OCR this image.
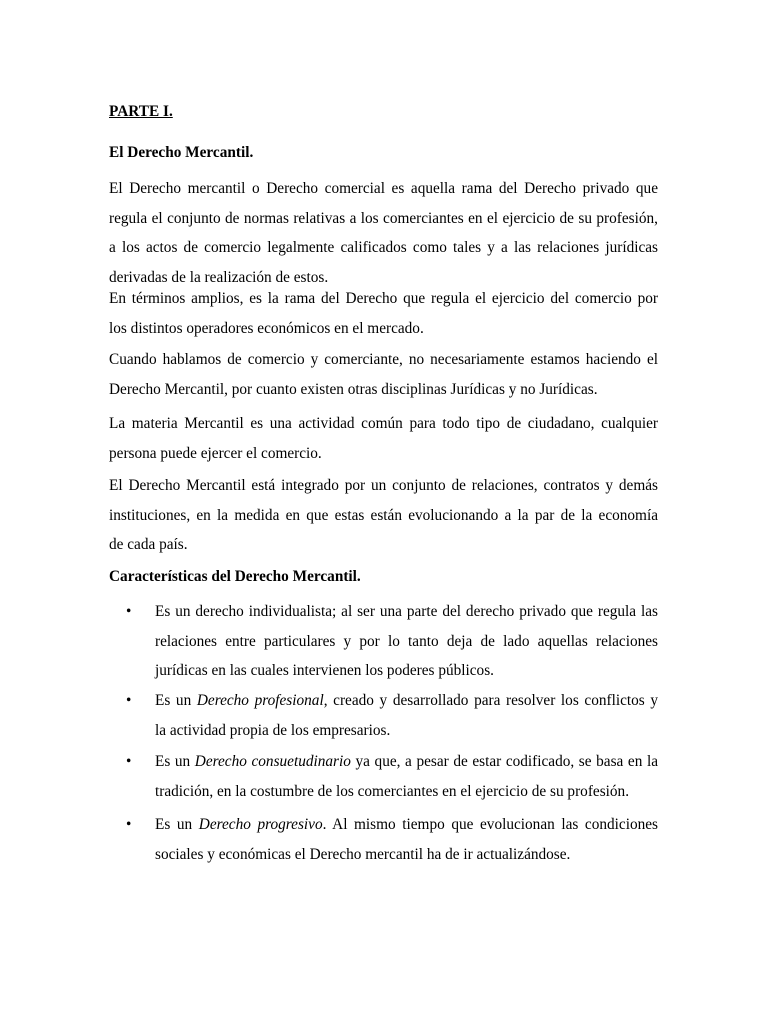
PARTE I.
El Derecho Mercantil.
El Derecho mercantil o Derecho comercial es aquella rama del Derecho privado que
regula el conjunto de normas relativas a los comerciantes en el ejercicio de su profesión,
a los actos de comercio legalmente calificados como tales y a las relaciones jurídicas
derivadas de la realización de estos.
En términos amplios, es la rama del Derecho que regula el ejercicio del comercio por
los distintos operadores económicos en el mercado.
Cuando hablamos de comercio y comerciante, no necesariamente estamos haciendo el
Derecho Mercantil, por cuanto existen otras disciplinas Jurídicas y no Jurídicas.
La materia Mercantil es una actividad común para todo tipo de ciudadano, cualquier
persona puede ejercer el comercio.
El Derecho Mercantil está integrado por un conjunto de relaciones, contratos y demás
instituciones, en la medida en que estas están evolucionando a la par de la economía
de cada país.
Características del Derecho Mercantil.
• Es un derecho individualista; al ser una parte del derecho privado que regula las
relaciones entre particulares y por lo tanto deja de lado aquellas relaciones
jurídicas en las cuales intervienen los poderes públicos.
• Es un Derecho profesional, creado y desarrollado para resolver los conflictos y
la actividad propia de los empresarios.
• Es un Derecho consuetudinario ya que, a pesar de estar codificado, se basa en la
tradición, en la costumbre de los comerciantes en el ejercicio de su profesión.
• Es un Derecho progresivo. Al mismo tiempo que evolucionan las condiciones
sociales y económicas el Derecho mercantil ha de ir actualizándose.
